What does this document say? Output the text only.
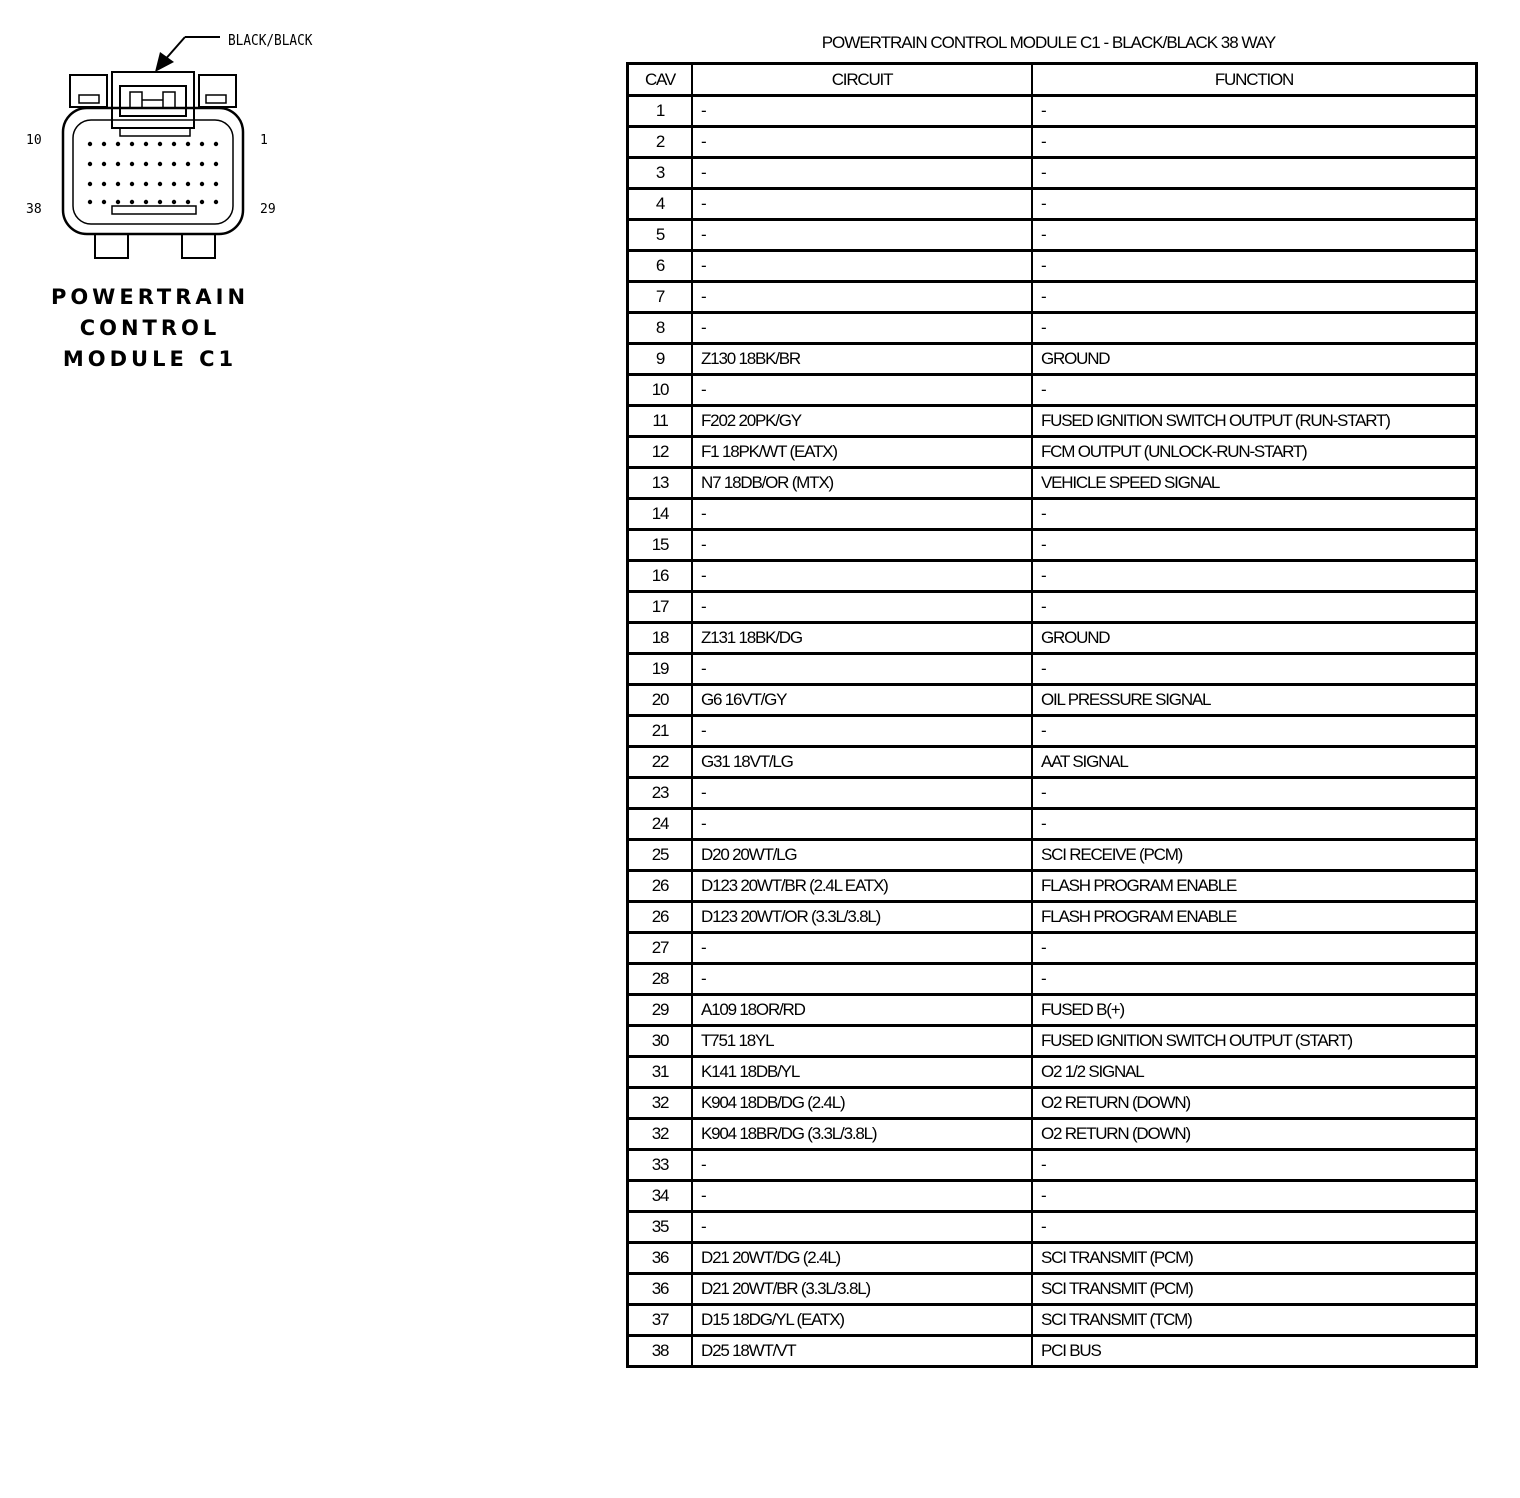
BLACK/BLACK
10	1
38	29
POWERTRAIN
CONTROL
MODULE C1
POWERTRAIN CONTROL MODULE C1 - BLACK/BLACK 38 WAY
CAV	CIRCUIT	FUNCTION
1	-	-
2	-	-
3	-	-
4	-	-
5	-	-
6	-	-
7	-	-
8	-	-
9	Z130 18BK/BR	GROUND
10	-	-
11	F202 20PK/GY	FUSED IGNITION SWITCH OUTPUT (RUN-START)
12	F1 18PK/WT (EATX)	FCM OUTPUT (UNLOCK-RUN-START)
13	N7 18DB/OR (MTX)	VEHICLE SPEED SIGNAL
14	-	-
15	-	-
16	-	-
17	-	-
18	Z131 18BK/DG	GROUND
19	-	-
20	G6 16VT/GY	OIL PRESSURE SIGNAL
21	-	-
22	G31 18VT/LG	AAT SIGNAL
23	-	-
24	-	-
25	D20 20WT/LG	SCI RECEIVE (PCM)
26	D123 20WT/BR (2.4L EATX)	FLASH PROGRAM ENABLE
26	D123 20WT/OR (3.3L/3.8L)	FLASH PROGRAM ENABLE
27	-	-
28	-	-
29	A109 18OR/RD	FUSED B(+)
30	T751 18YL	FUSED IGNITION SWITCH OUTPUT (START)
31	K141 18DB/YL	O2 1/2 SIGNAL
32	K904 18DB/DG (2.4L)	O2 RETURN (DOWN)
32	K904 18BR/DG (3.3L/3.8L)	O2 RETURN (DOWN)
33	-	-
34	-	-
35	-	-
36	D21 20WT/DG (2.4L)	SCI TRANSMIT (PCM)
36	D21 20WT/BR (3.3L/3.8L)	SCI TRANSMIT (PCM)
37	D15 18DG/YL (EATX)	SCI TRANSMIT (TCM)
38	D25 18WT/VT	PCI BUS
